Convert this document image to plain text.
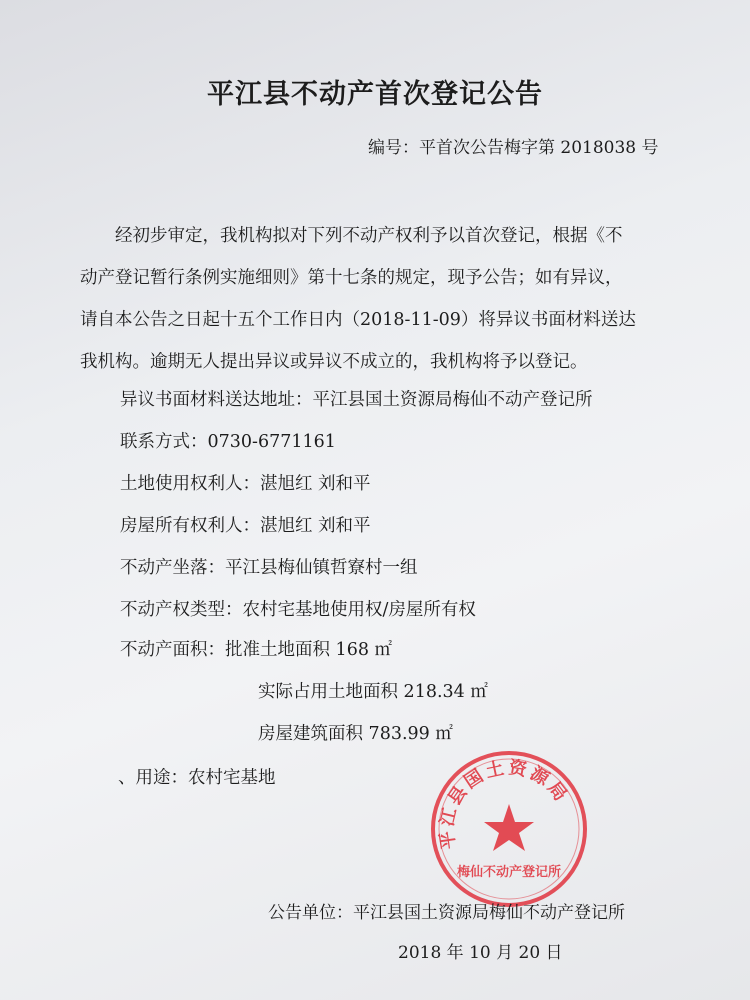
平江县不动产首次登记公告
编号：平首次公告梅字第 2018038 号
经初步审定，我机构拟对下列不动产权利予以首次登记，根据《不
动产登记暂行条例实施细则》第十七条的规定，现予公告；如有异议，
请自本公告之日起十五个工作日内（2018-11-09）将异议书面材料送达
我机构。逾期无人提出异议或异议不成立的，我机构将予以登记。
异议书面材料送达地址：平江县国土资源局梅仙不动产登记所
联系方式：0730-6771161
土地使用权利人：湛旭红 刘和平
房屋所有权利人：湛旭红 刘和平
不动产坐落：平江县梅仙镇哲寮村一组
不动产权类型：农村宅基地使用权/房屋所有权
不动产面积：批准土地面积 168 ㎡
实际占用土地面积 218.34 ㎡
房屋建筑面积 783.99 ㎡
、用途：农村宅基地
平江县国土资源局
梅仙不动产登记所
公告单位：平江县国土资源局梅仙不动产登记所
2018 年 10 月 20 日
